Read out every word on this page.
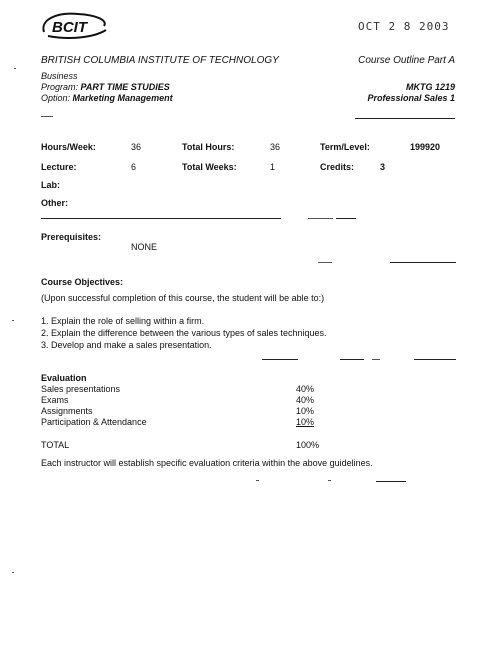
BCIT	OCT 2 8 2003
BRITISH COLUMBIA INSTITUTE OF TECHNOLOGY	Course Outline Part A
Business
Program: PART TIME STUDIES	MKTG 1219
Option: Marketing Management	Professional Sales 1
Hours/Week:	36	Total Hours:	36	Term/Level:	199920
Lecture:	6	Total Weeks:	1	Credits:	3
Lab:
Other:
Prerequisites:
NONE
Course Objectives:
(Upon successful completion of this course, the student will be able to:)
1. Explain the role of selling within a firm.
2. Explain the difference between the various types of sales techniques.
3. Develop and make a sales presentation.
Evaluation
Sales presentations	40%
Exams	40%
Assignments	10%
Participation & Attendance	10%
TOTAL	100%
Each instructor will establish specific evaluation criteria within the above guidelines.
